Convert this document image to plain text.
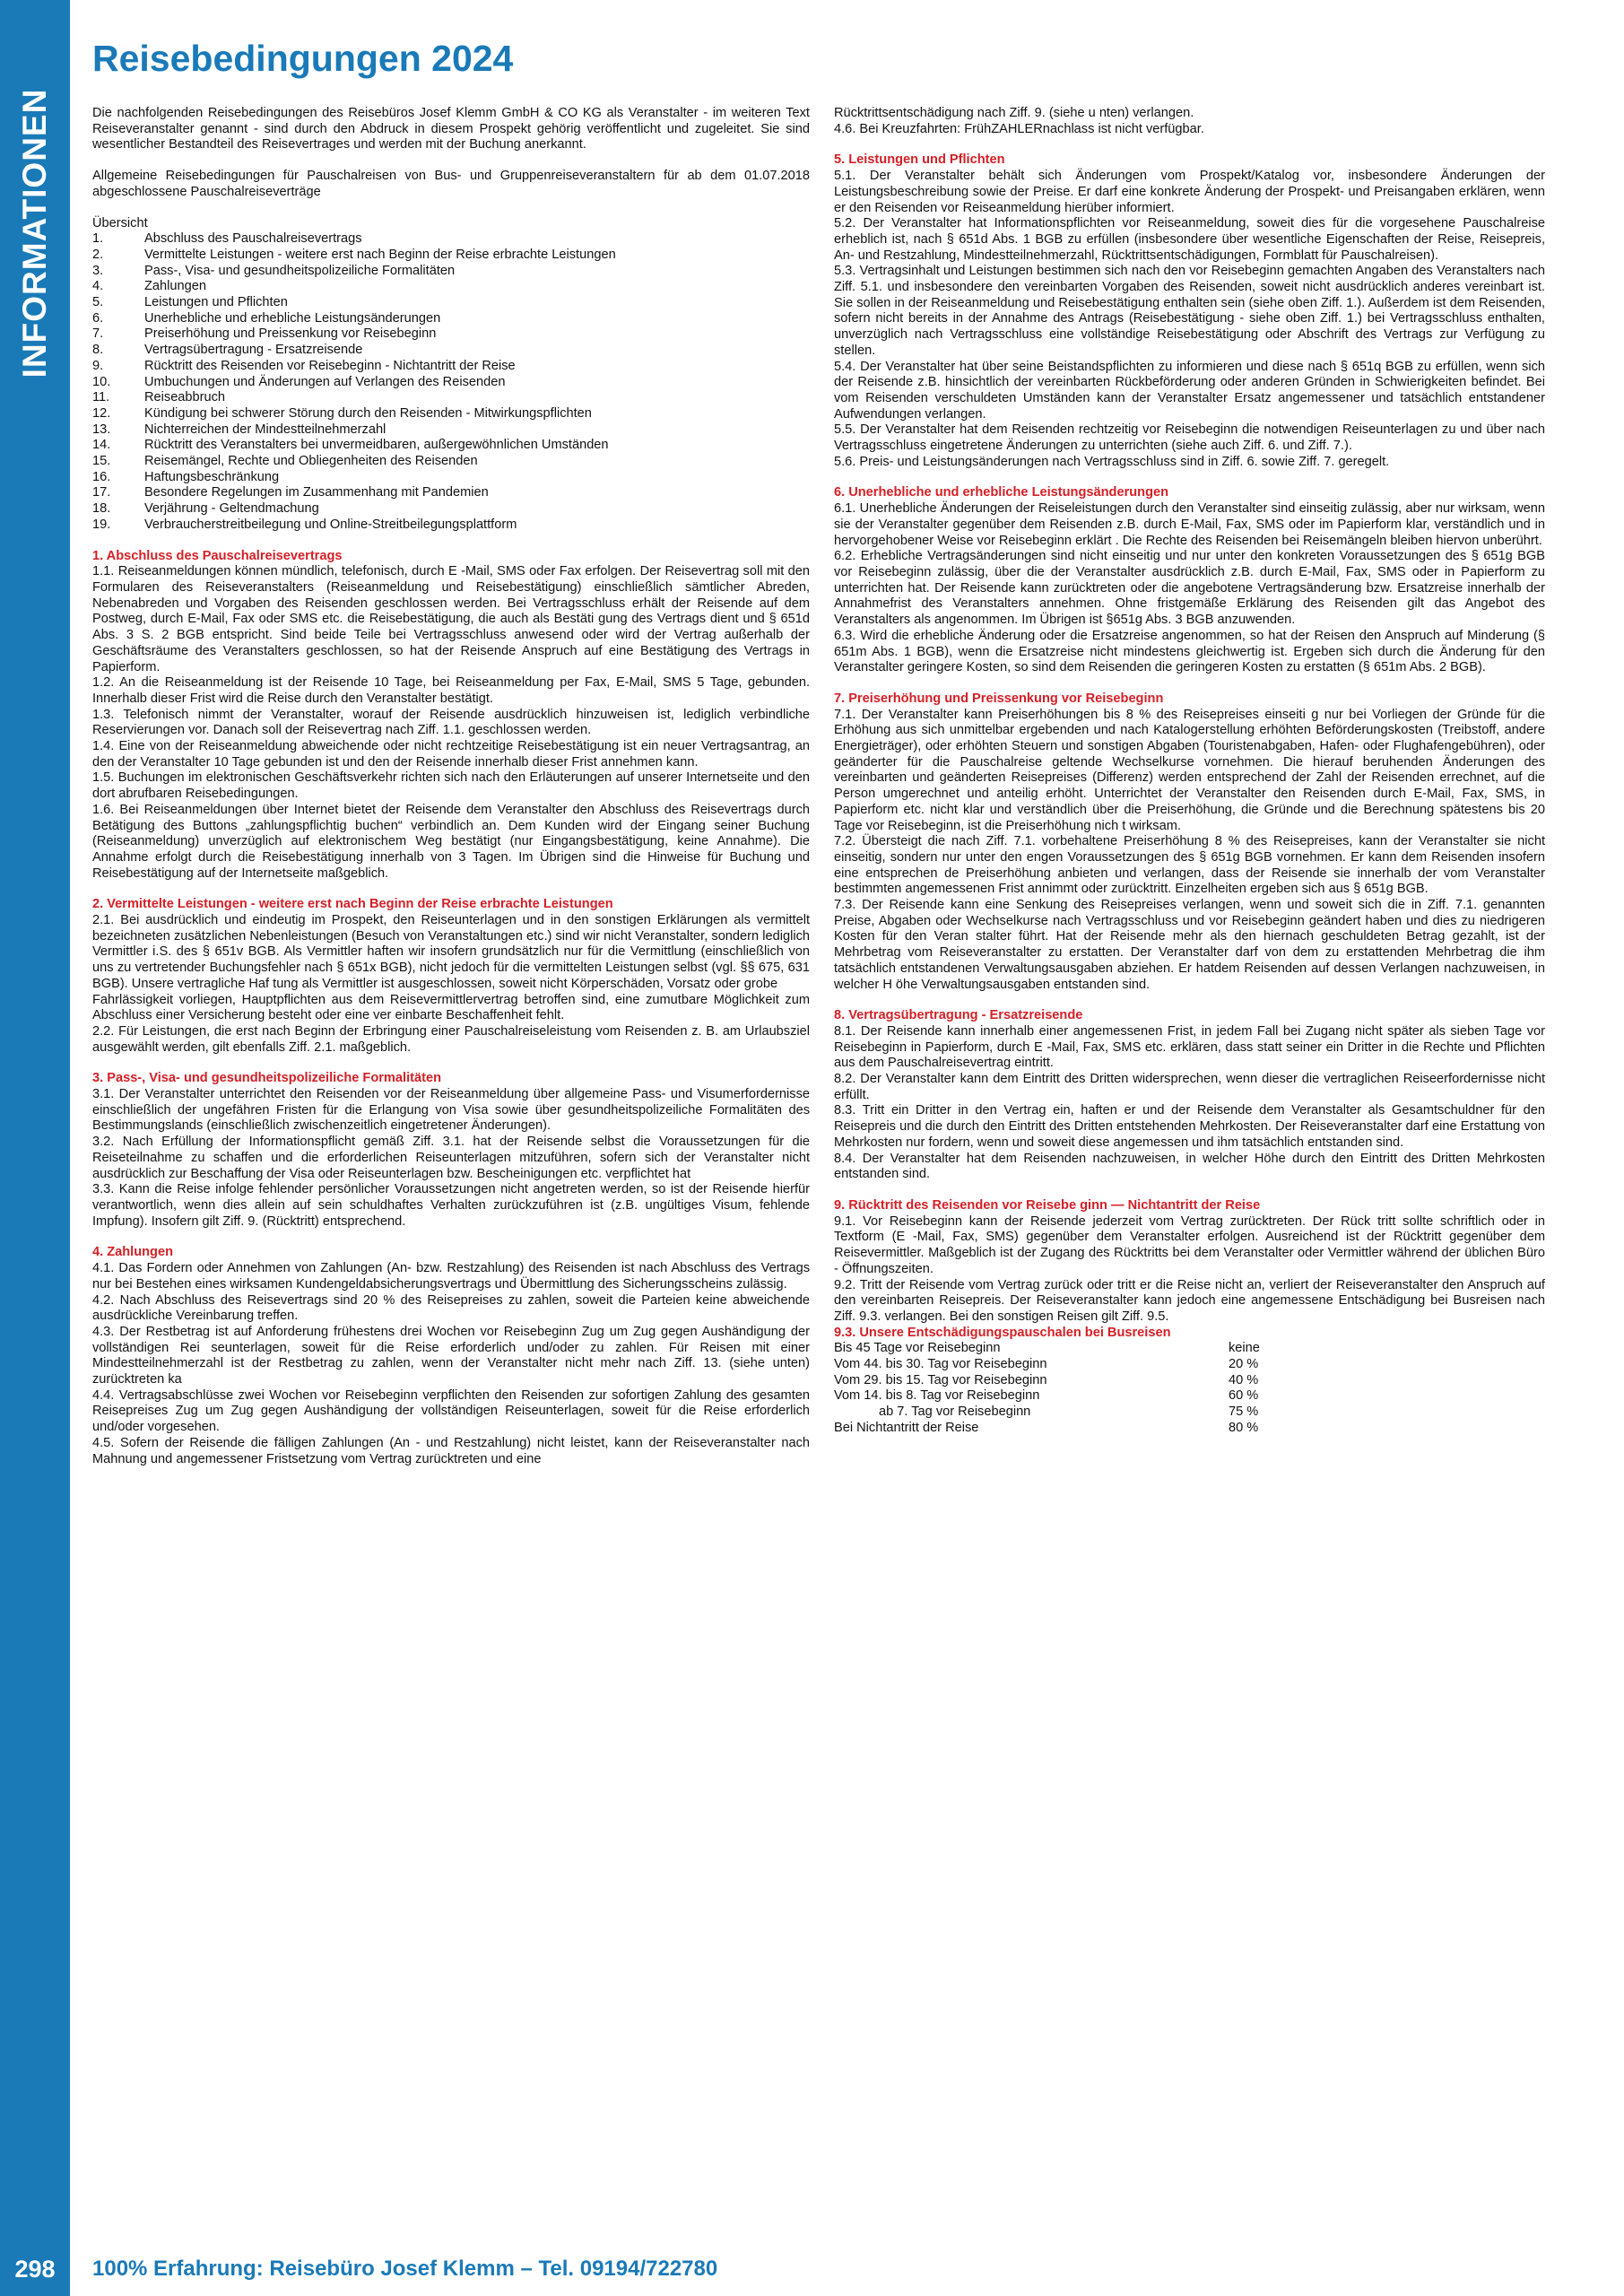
INFORMATIONEN
298	100% Erfahrung: Reisebüro Josef Klemm – Tel. 09194/722780
Reisebedingungen 2024

Die nachfolgenden Reisebedingungen des Reisebüros Josef Klemm GmbH & CO KG als Veranstalter - im weiteren Text Reiseveranstalter genannt - sind durch den Abdruck in diesem Prospekt gehörig veröffentlicht und zugeleitet. Sie sind wesentlicher Bestandteil des Reisevertrages und werden mit der Buchung anerkannt.

Allgemeine Reisebedingungen für Pauschalreisen von Bus- und Gruppenreiseveranstaltern für ab dem 01.07.2018 abgeschlossene Pauschalreiseverträge

Übersicht

1.	Abschluss des Pauschalreisevertrags
2.	Vermittelte Leistungen - weitere erst nach Beginn der Reise erbrachte Leistungen
3.	Pass-, Visa- und gesundheitspolizeiliche Formalitäten
4.	Zahlungen
5.	Leistungen und Pflichten
6.	Unerhebliche und erhebliche Leistungsänderungen
7.	Preiserhöhung und Preissenkung vor Reisebeginn
8.	Vertragsübertragung - Ersatzreisende
9.	Rücktritt des Reisenden vor Reisebeginn - Nichtantritt der Reise
10.	Umbuchungen und Änderungen auf Verlangen des Reisenden
11.	Reiseabbruch
12.	Kündigung bei schwerer Störung durch den Reisenden - Mitwirkungspflichten
13.	Nichterreichen der Mindestteilnehmerzahl
14.	Rücktritt des Veranstalters bei unvermeidbaren, außergewöhnlichen Umständen
15.	Reisemängel, Rechte und Obliegenheiten des Reisenden
16.	Haftungsbeschränkung
17.	Besondere Regelungen im Zusammenhang mit Pandemien
18.	Verjährung - Geltendmachung
19.	Verbraucherstreitbeilegung und Online-Streitbeilegungsplattform

1. Abschluss des Pauschalreisevertrags

1.1. Reiseanmeldungen können mündlich, telefonisch, durch E -Mail, SMS oder Fax erfolgen. Der Reisevertrag soll mit den Formularen des Reiseveranstalters (Reiseanmeldung und Reisebestätigung) einschließlich sämtlicher Abreden, Nebenabreden und Vorgaben des Reisenden geschlossen werden. Bei Vertragsschluss erhält der Reisende auf dem Postweg, durch E-Mail, Fax oder SMS etc. die Reisebestätigung, die auch als Bestäti gung des Vertrags dient und § 651d Abs. 3 S. 2 BGB entspricht. Sind beide Teile bei Vertragsschluss anwesend oder wird der Vertrag außerhalb der Geschäftsräume des Veranstalters geschlossen, so hat der Reisende Anspruch auf eine Bestätigung des Vertrags in Papierform.

1.2. An die Reiseanmeldung ist der Reisende 10 Tage, bei Reiseanmeldung per Fax, E-Mail, SMS 5 Tage, gebunden. Innerhalb dieser Frist wird die Reise durch den Veranstalter bestätigt.

1.3. Telefonisch nimmt der Veranstalter, worauf der Reisende ausdrücklich hinzuweisen ist, lediglich verbindliche Reservierungen vor. Danach soll der Reisevertrag nach Ziff. 1.1. geschlossen werden.

1.4. Eine von der Reiseanmeldung abweichende oder nicht rechtzeitige Reisebestätigung ist ein neuer Vertragsantrag, an den der Veranstalter 10 Tage gebunden ist und den der Reisende innerhalb dieser Frist annehmen kann.

1.5. Buchungen im elektronischen Geschäftsverkehr richten sich nach den Erläuterungen auf unserer Internetseite und den dort abrufbaren Reisebedingungen.

1.6. Bei Reiseanmeldungen über Internet bietet der Reisende dem Veranstalter den Abschluss des Reisevertrags durch Betätigung des Buttons „zahlungspflichtig buchen“ verbindlich an. Dem Kunden wird der Eingang seiner Buchung (Reiseanmeldung) unverzüglich auf elektronischem Weg bestätigt (nur Eingangsbestätigung, keine Annahme). Die Annahme erfolgt durch die Reisebestätigung innerhalb von 3 Tagen. Im Übrigen sind die Hinweise für Buchung und Reisebestätigung auf der Internetseite maßgeblich.

2. Vermittelte Leistungen - weitere erst nach Beginn der Reise erbrachte Leistungen

2.1. Bei ausdrücklich und eindeutig im Prospekt, den Reiseunterlagen und in den sonstigen Erklärungen als vermittelt bezeichneten zusätzlichen Nebenleistungen (Besuch von Veranstaltungen etc.) sind wir nicht Veranstalter, sondern lediglich Vermittler i.S. des § 651v BGB. Als Vermittler haften wir insofern grundsätzlich nur für die Vermittlung (einschließlich von uns zu vertretender Buchungsfehler nach § 651x BGB), nicht jedoch für die vermittelten Leistungen selbst (vgl. §§ 675, 631 BGB). Unsere vertragliche Haf tung als Vermittler ist ausgeschlossen, soweit nicht Körperschäden, Vorsatz oder grobe

Fahrlässigkeit vorliegen, Hauptpflichten aus dem Reisevermittlervertrag betroffen sind, eine zumutbare Möglichkeit zum Abschluss einer Versicherung besteht oder eine ver einbarte Beschaffenheit fehlt.

2.2. Für Leistungen, die erst nach Beginn der Erbringung einer Pauschalreiseleistung vom Reisenden z. B. am Urlaubsziel ausgewählt werden, gilt ebenfalls Ziff. 2.1. maßgeblich.

3. Pass-, Visa- und gesundheitspolizeiliche Formalitäten

3.1. Der Veranstalter unterrichtet den Reisenden vor der Reiseanmeldung über allgemeine Pass- und Visumerfordernisse einschließlich der ungefähren Fristen für die Erlangung von Visa sowie über gesundheitspolizeiliche Formalitäten des Bestimmungslands (einschließlich zwischenzeitlich eingetretener Änderungen).

3.2. Nach Erfüllung der Informationspflicht gemäß Ziff. 3.1. hat der Reisende selbst die Voraussetzungen für die Reiseteilnahme zu schaffen und die erforderlichen Reiseunterlagen mitzuführen, sofern sich der Veranstalter nicht ausdrücklich zur Beschaffung der Visa oder Reiseunterlagen bzw. Bescheinigungen etc. verpflichtet hat

3.3. Kann die Reise infolge fehlender persönlicher Voraussetzungen nicht angetreten werden, so ist der Reisende hierfür verantwortlich, wenn dies allein auf sein schuldhaftes Verhalten zurückzuführen ist (z.B. ungültiges Visum, fehlende Impfung). Insofern gilt Ziff. 9. (Rücktritt) entsprechend.

4. Zahlungen

4.1. Das Fordern oder Annehmen von Zahlungen (An- bzw. Restzahlung) des Reisenden ist nach Abschluss des Vertrags nur bei Bestehen eines wirksamen Kundengeldabsicherungsvertrags und Übermittlung des Sicherungsscheins zulässig.

4.2. Nach Abschluss des Reisevertrags sind 20 % des Reisepreises zu zahlen, soweit die Parteien keine abweichende ausdrückliche Vereinbarung treffen.

4.3. Der Restbetrag ist auf Anforderung frühestens drei Wochen vor Reisebeginn Zug um Zug gegen Aushändigung der vollständigen Rei seunterlagen, soweit für die Reise erforderlich und/oder zu zahlen. Für Reisen mit einer Mindestteilnehmerzahl ist der Restbetrag zu zahlen, wenn der Veranstalter nicht mehr nach Ziff. 13. (siehe unten) zurücktreten ka

4.4. Vertragsabschlüsse zwei Wochen vor Reisebeginn verpflichten den Reisenden zur sofortigen Zahlung des gesamten Reisepreises Zug um Zug gegen Aushändigung der vollständigen Reiseunterlagen, soweit für die Reise erforderlich und/oder vorgesehen.

4.5. Sofern der Reisende die fälligen Zahlungen (An - und Restzahlung) nicht leistet, kann der Reiseveranstalter nach Mahnung und angemessener Fristsetzung vom Vertrag zurücktreten und eine

Rücktrittsentschädigung nach Ziff. 9. (siehe u nten) verlangen.

4.6. Bei Kreuzfahrten: FrühZAHLERnachlass ist nicht verfügbar.

5. Leistungen und Pflichten

5.1. Der Veranstalter behält sich Änderungen vom Prospekt/Katalog vor, insbesondere Änderungen der Leistungsbeschreibung sowie der Preise. Er darf eine konkrete Änderung der Prospekt- und Preisangaben erklären, wenn er den Reisenden vor Reiseanmeldung hierüber informiert.

5.2. Der Veranstalter hat Informationspflichten vor Reiseanmeldung, soweit dies für die vorgesehene Pauschalreise erheblich ist, nach § 651d Abs. 1 BGB zu erfüllen (insbesondere über wesentliche Eigenschaften der Reise, Reisepreis, An- und Restzahlung, Mindestteilnehmerzahl, Rücktrittsentschädigungen, Formblatt für Pauschalreisen).

5.3. Vertragsinhalt und Leistungen bestimmen sich nach den vor Reisebeginn gemachten Angaben des Veranstalters nach Ziff. 5.1. und insbesondere den vereinbarten Vorgaben des Reisenden, soweit nicht ausdrücklich anderes vereinbart ist. Sie sollen in der Reiseanmeldung und Reisebestätigung enthalten sein (siehe oben Ziff. 1.). Außerdem ist dem Reisenden, sofern nicht bereits in der Annahme des Antrags (Reisebestätigung - siehe oben Ziff. 1.) bei Vertragsschluss enthalten, unverzüglich nach Vertragsschluss eine vollständige Reisebestätigung oder Abschrift des Vertrags zur Verfügung zu stellen.

5.4. Der Veranstalter hat über seine Beistandspflichten zu informieren und diese nach § 651q BGB zu erfüllen, wenn sich der Reisende z.B. hinsichtlich der vereinbarten Rückbeförderung oder anderen Gründen in Schwierigkeiten befindet. Bei vom Reisenden verschuldeten Umständen kann der Veranstalter Ersatz angemessener und tatsächlich entstandener Aufwendungen verlangen.

5.5. Der Veranstalter hat dem Reisenden rechtzeitig vor Reisebeginn die notwendigen Reiseunterlagen zu und über nach Vertragsschluss eingetretene Änderungen zu unterrichten (siehe auch Ziff. 6. und Ziff. 7.).

5.6. Preis- und Leistungsänderungen nach Vertragsschluss sind in Ziff. 6. sowie Ziff. 7. geregelt.

6. Unerhebliche und erhebliche Leistungsänderungen

6.1. Unerhebliche Änderungen der Reiseleistungen durch den Veranstalter sind einseitig zulässig, aber nur wirksam, wenn sie der Veranstalter gegenüber dem Reisenden z.B. durch E-Mail, Fax, SMS oder im Papierform klar, verständlich und in hervorgehobener Weise vor Reisebeginn erklärt . Die Rechte des Reisenden bei Reisemängeln bleiben hiervon unberührt.

6.2. Erhebliche Vertragsänderungen sind nicht einseitig und nur unter den konkreten Voraussetzungen des § 651g BGB vor Reisebeginn zulässig, über die der Veranstalter ausdrücklich z.B. durch E-Mail, Fax, SMS oder in Papierform zu unterrichten hat. Der Reisende kann zurücktreten oder die angebotene Vertragsänderung bzw. Ersatzreise innerhalb der Annahmefrist des Veranstalters annehmen. Ohne fristgemäße Erklärung des Reisenden gilt das Angebot des Veranstalters als angenommen. Im Übrigen ist §651g Abs. 3 BGB anzuwenden.

6.3. Wird die erhebliche Änderung oder die Ersatzreise angenommen, so hat der Reisen den Anspruch auf Minderung (§ 651m Abs. 1 BGB), wenn die Ersatzreise nicht mindestens gleichwertig ist. Ergeben sich durch die Änderung für den Veranstalter geringere Kosten, so sind dem Reisenden die geringeren Kosten zu erstatten (§ 651m Abs. 2 BGB).

7. Preiserhöhung und Preissenkung vor Reisebeginn

7.1. Der Veranstalter kann Preiserhöhungen bis 8 % des Reisepreises einseiti g nur bei Vorliegen der Gründe für die Erhöhung aus sich unmittelbar ergebenden und nach Katalogerstellung erhöhten Beförderungskosten (Treibstoff, andere Energieträger), oder erhöhten Steuern und sonstigen Abgaben (Touristenabgaben, Hafen- oder Flughafengebühren), oder geänderter für die Pauschalreise geltende Wechselkurse vornehmen. Die hierauf beruhenden Änderungen des vereinbarten und geänderten Reisepreises (Differenz) werden entsprechend der Zahl der Reisenden errechnet, auf die Person umgerechnet und anteilig erhöht. Unterrichtet der Veranstalter den Reisenden durch E-Mail, Fax, SMS, in Papierform etc. nicht klar und verständlich über die Preiserhöhung, die Gründe und die Berechnung spätestens bis 20 Tage vor Reisebeginn, ist die Preiserhöhung nich t wirksam.

7.2. Übersteigt die nach Ziff. 7.1. vorbehaltene Preiserhöhung 8 % des Reisepreises, kann der Veranstalter sie nicht einseitig, sondern nur unter den engen Voraussetzungen des § 651g BGB vornehmen. Er kann dem Reisenden insofern eine entsprechen de Preiserhöhung anbieten und verlangen, dass der Reisende sie innerhalb der vom Veranstalter bestimmten angemessenen Frist annimmt oder zurücktritt. Einzelheiten ergeben sich aus § 651g BGB.

7.3. Der Reisende kann eine Senkung des Reisepreises verlangen, wenn und soweit sich die in Ziff. 7.1. genannten Preise, Abgaben oder Wechselkurse nach Vertragsschluss und vor Reisebeginn geändert haben und dies zu niedrigeren Kosten für den Veran stalter führt. Hat der Reisende mehr als den hiernach geschuldeten Betrag gezahlt, ist der Mehrbetrag vom Reiseveranstalter zu erstatten. Der Veranstalter darf von dem zu erstattenden Mehrbetrag die ihm tatsächlich entstandenen Verwaltungsausgaben abziehen. Er hatdem Reisenden auf dessen Verlangen nachzuweisen, in welcher H öhe Verwaltungsausgaben entstanden sind.

8. Vertragsübertragung - Ersatzreisende

8.1. Der Reisende kann innerhalb einer angemessenen Frist, in jedem Fall bei Zugang nicht später als sieben Tage vor Reisebeginn in Papierform, durch E -Mail, Fax, SMS etc. erklären, dass statt seiner ein Dritter in die Rechte und Pflichten aus dem Pauschalreisevertrag eintritt.

8.2. Der Veranstalter kann dem Eintritt des Dritten widersprechen, wenn dieser die vertraglichen Reiseerfordernisse nicht erfüllt.

8.3. Tritt ein Dritter in den Vertrag ein, haften er und der Reisende dem Veranstalter als Gesamtschuldner für den Reisepreis und die durch den Eintritt des Dritten entstehenden Mehrkosten. Der Reiseveranstalter darf eine Erstattung von Mehrkosten nur fordern, wenn und soweit diese angemessen und ihm tatsächlich entstanden sind.

8.4. Der Veranstalter hat dem Reisenden nachzuweisen, in welcher Höhe durch den Eintritt des Dritten Mehrkosten entstanden sind.

9. Rücktritt des Reisenden vor Reisebe ginn — Nichtantritt der Reise

9.1. Vor Reisebeginn kann der Reisende jederzeit vom Vertrag zurücktreten. Der Rück tritt sollte schriftlich oder in Textform (E -Mail, Fax, SMS) gegenüber dem Veranstalter erfolgen. Ausreichend ist der Rücktritt gegenüber dem Reisevermittler. Maßgeblich ist der Zugang des Rücktritts bei dem Veranstalter oder Vermittler während der üblichen Büro - Öffnungszeiten.

9.2. Tritt der Reisende vom Vertrag zurück oder tritt er die Reise nicht an, verliert der Reiseveranstalter den Anspruch auf den vereinbarten Reisepreis. Der Reiseveranstalter kann jedoch eine angemessene Entschädigung bei Busreisen nach Ziff. 9.3. verlangen. Bei den sonstigen Reisen gilt Ziff. 9.5.

9.3. Unsere Entschädigungspauschalen bei Busreisen

Bis 45 Tage vor Reisebeginn	keine
Vom 44. bis 30. Tag vor Reisebeginn	20 %
Vom 29. bis 15. Tag vor Reisebeginn	40 %
Vom 14. bis 8. Tag vor Reisebeginn	60 %
ab 7. Tag vor Reisebeginn	75 %
Bei Nichtantritt der Reise	80 %
